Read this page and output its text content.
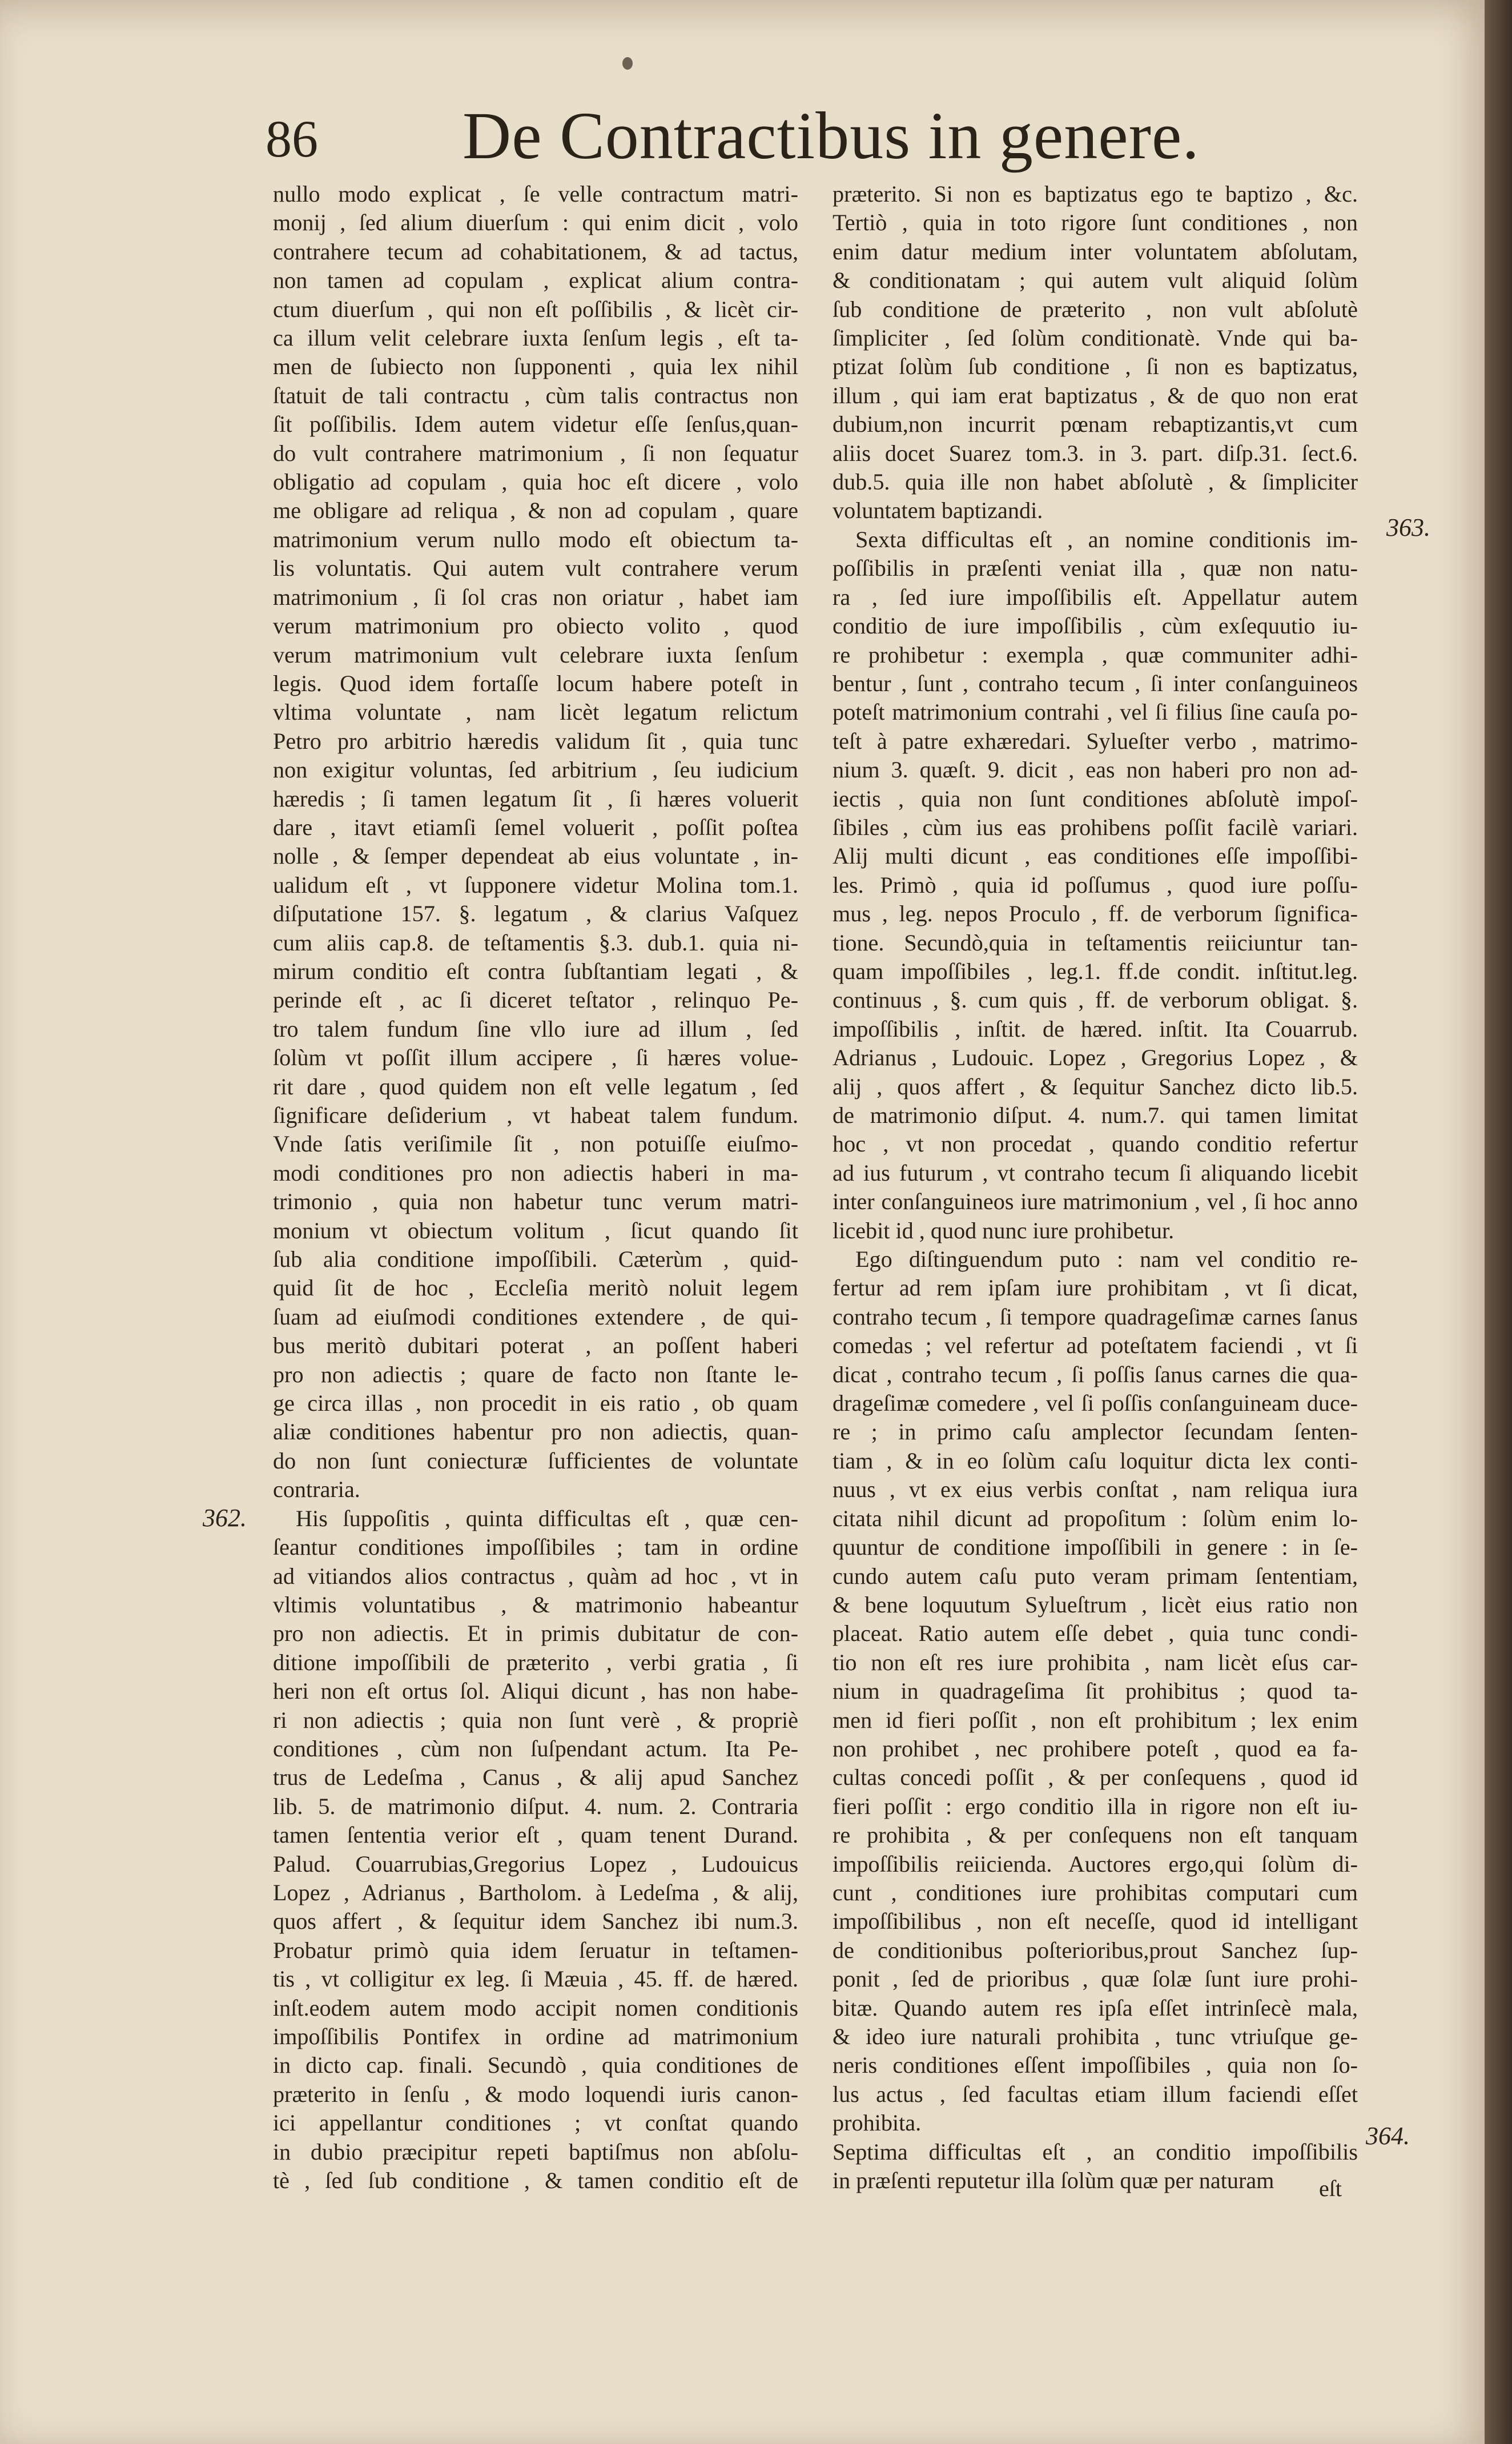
86 De Contractibus in genere.

nullo modo explicat , ſe velle contractum matri-

monij , ſed alium diuerſum : qui enim dicit , volo

contrahere tecum ad cohabitationem, & ad tactus,

non tamen ad copulam , explicat alium contra-

ctum diuerſum , qui non eſt poſſibilis , & licèt cir-

ca illum velit celebrare iuxta ſenſum legis , eſt ta-

men de ſubiecto non ſupponenti , quia lex nihil

ſtatuit de tali contractu , cùm talis contractus non

ſit poſſibilis. Idem autem videtur eſſe ſenſus,quan-

do vult contrahere matrimonium , ſi non ſequatur

obligatio ad copulam , quia hoc eſt dicere , volo

me obligare ad reliqua , & non ad copulam , quare

matrimonium verum nullo modo eſt obiectum ta-

lis voluntatis. Qui autem vult contrahere verum

matrimonium , ſi ſol cras non oriatur , habet iam

verum matrimonium pro obiecto volito , quod

verum matrimonium vult celebrare iuxta ſenſum

legis. Quod idem fortaſſe locum habere poteſt in

vltima voluntate , nam licèt legatum relictum

Petro pro arbitrio hæredis validum ſit , quia tunc

non exigitur voluntas, ſed arbitrium , ſeu iudicium

hæredis ; ſi tamen legatum ſit , ſi hæres voluerit

dare , itavt etiamſi ſemel voluerit , poſſit poſtea

nolle , & ſemper dependeat ab eius voluntate , in-

ualidum eſt , vt ſupponere videtur Molina tom.1.

diſputatione 157. §. legatum , & clarius Vaſquez

cum aliis cap.8. de teſtamentis §.3. dub.1. quia ni-

mirum conditio eſt contra ſubſtantiam legati , &

perinde eſt , ac ſi diceret teſtator , relinquo Pe-

tro talem fundum ſine vllo iure ad illum , ſed

ſolùm vt poſſit illum accipere , ſi hæres volue-

rit dare , quod quidem non eſt velle legatum , ſed

ſignificare deſiderium , vt habeat talem fundum.

Vnde ſatis veriſimile ſit , non potuiſſe eiuſmo-

modi conditiones pro non adiectis haberi in ma-

trimonio , quia non habetur tunc verum matri-

monium vt obiectum volitum , ſicut quando ſit

ſub alia conditione impoſſibili. Cæterùm , quid-

quid ſit de hoc , Eccleſia meritò noluit legem

ſuam ad eiuſmodi conditiones extendere , de qui-

bus meritò dubitari poterat , an poſſent haberi

pro non adiectis ; quare de facto non ſtante le-

ge circa illas , non procedit in eis ratio , ob quam

aliæ conditiones habentur pro non adiectis, quan-

do non ſunt coniecturæ ſufficientes de voluntate

contraria.

His ſuppoſitis , quinta difficultas eſt , quæ cen-

ſeantur conditiones impoſſibiles ; tam in ordine

ad vitiandos alios contractus , quàm ad hoc , vt in

vltimis voluntatibus , & matrimonio habeantur

pro non adiectis. Et in primis dubitatur de con-

ditione impoſſibili de præterito , verbi gratia , ſi

heri non eſt ortus ſol. Aliqui dicunt , has non habe-

ri non adiectis ; quia non ſunt verè , & propriè

conditiones , cùm non ſuſpendant actum. Ita Pe-

trus de Ledeſma , Canus , & alij apud Sanchez

lib. 5. de matrimonio diſput. 4. num. 2. Contraria

tamen ſententia verior eſt , quam tenent Durand.

Palud. Couarrubias,Gregorius Lopez , Ludouicus

Lopez , Adrianus , Bartholom. à Ledeſma , & alij,

quos affert , & ſequitur idem Sanchez ibi num.3.

Probatur primò quia idem ſeruatur in teſtamen-

tis , vt colligitur ex leg. ſi Mæuia , 45. ff. de hæred.

inſt.eodem autem modo accipit nomen conditionis

impoſſibilis Pontifex in ordine ad matrimonium

in dicto cap. finali. Secundò , quia conditiones de

præterito in ſenſu , & modo loquendi iuris canon-

ici appellantur conditiones ; vt conſtat quando

in dubio præcipitur repeti baptiſmus non abſolu-

tè , ſed ſub conditione , & tamen conditio eſt de

præterito. Si non es baptizatus ego te baptizo , &c.

Tertiò , quia in toto rigore ſunt conditiones , non

enim datur medium inter voluntatem abſolutam,

& conditionatam ; qui autem vult aliquid ſolùm

ſub conditione de præterito , non vult abſolutè

ſimpliciter , ſed ſolùm conditionatè. Vnde qui ba-

ptizat ſolùm ſub conditione , ſi non es baptizatus,

illum , qui iam erat baptizatus , & de quo non erat

dubium,non incurrit pœnam rebaptizantis,vt cum

aliis docet Suarez tom.3. in 3. part. diſp.31. ſect.6.

dub.5. quia ille non habet abſolutè , & ſimpliciter

voluntatem baptizandi.

Sexta difficultas eſt , an nomine conditionis im-

poſſibilis in præſenti veniat illa , quæ non natu-

ra , ſed iure impoſſibilis eſt. Appellatur autem

conditio de iure impoſſibilis , cùm exſequutio iu-

re prohibetur : exempla , quæ communiter adhi-

bentur , ſunt , contraho tecum , ſi inter conſanguineos

poteſt matrimonium contrahi , vel ſi filius ſine cauſa po-

teſt à patre exhæredari. Sylueſter verbo , matrimo-

nium 3. quæſt. 9. dicit , eas non haberi pro non ad-

iectis , quia non ſunt conditiones abſolutè impoſ-

ſibiles , cùm ius eas prohibens poſſit facilè variari.

Alij multi dicunt , eas conditiones eſſe impoſſibi-

les. Primò , quia id poſſumus , quod iure poſſu-

mus , leg. nepos Proculo , ff. de verborum ſignifica-

tione. Secundò,quia in teſtamentis reiiciuntur tan-

quam impoſſibiles , leg.1. ff.de condit. inſtitut.leg.

continuus , §. cum quis , ff. de verborum obligat. §.

impoſſibilis , inſtit. de hæred. inſtit. Ita Couarrub.

Adrianus , Ludouic. Lopez , Gregorius Lopez , &

alij , quos affert , & ſequitur Sanchez dicto lib.5.

de matrimonio diſput. 4. num.7. qui tamen limitat

hoc , vt non procedat , quando conditio refertur

ad ius futurum , vt contraho tecum ſi aliquando licebit

inter conſanguineos iure matrimonium , vel , ſi hoc anno

licebit id , quod nunc iure prohibetur.

Ego diſtinguendum puto : nam vel conditio re-

fertur ad rem ipſam iure prohibitam , vt ſi dicat,

contraho tecum , ſi tempore quadrageſimæ carnes ſanus

comedas ; vel refertur ad poteſtatem faciendi , vt ſi

dicat , contraho tecum , ſi poſſis ſanus carnes die qua-

drageſimæ comedere , vel ſi poſſis conſanguineam duce-

re ; in primo caſu amplector ſecundam ſenten-

tiam , & in eo ſolùm caſu loquitur dicta lex conti-

nuus , vt ex eius verbis conſtat , nam reliqua iura

citata nihil dicunt ad propoſitum : ſolùm enim lo-

quuntur de conditione impoſſibili in genere : in ſe-

cundo autem caſu puto veram primam ſententiam,

& bene loquutum Sylueſtrum , licèt eius ratio non

placeat. Ratio autem eſſe debet , quia tunc condi-

tio non eſt res iure prohibita , nam licèt eſus car-

nium in quadrageſima ſit prohibitus ; quod ta-

men id fieri poſſit , non eſt prohibitum ; lex enim

non prohibet , nec prohibere poteſt , quod ea fa-

cultas concedi poſſit , & per conſequens , quod id

fieri poſſit : ergo conditio illa in rigore non eſt iu-

re prohibita , & per conſequens non eſt tanquam

impoſſibilis reiicienda. Auctores ergo,qui ſolùm di-

cunt , conditiones iure prohibitas computari cum

impoſſibilibus , non eſt neceſſe, quod id intelligant

de conditionibus poſterioribus,prout Sanchez ſup-

ponit , ſed de prioribus , quæ ſolæ ſunt iure prohi-

bitæ. Quando autem res ipſa eſſet intrinſecè mala,

& ideo iure naturali prohibita , tunc vtriuſque ge-

neris conditiones eſſent impoſſibiles , quia non ſo-

lus actus , ſed facultas etiam illum faciendi eſſet

prohibita.

Septima difficultas eſt , an conditio impoſſibilis

in præſenti reputetur illa ſolùm quæ per naturam

362.
363.
364.
eſt
